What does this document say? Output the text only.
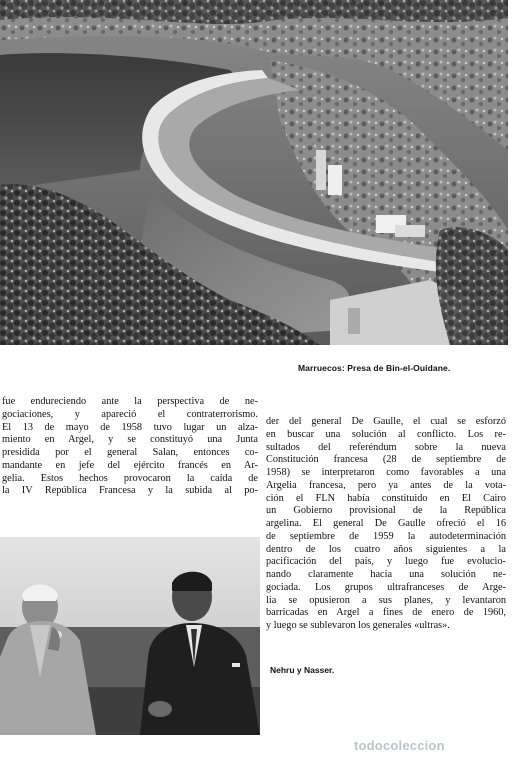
Marruecos: Presa de Bin-el-Ouidane.
fue endureciendo ante la perspectiva de ne-
gociaciones, y apareció el contraterrorismo.
El 13 de mayo de 1958 tuvo lugar un alza-
miento en Argel, y se constituyó una Junta
presidida por el general Salan, entonces co-
mandante en jefe del ejército francés en Ar-
gelia. Estos hechos provocaron la caída de
la IV República Francesa y la subida al po-
der del general De Gaulle, el cual se esforzó
en buscar una solución al conflicto. Los re-
sultados del referéndum sobre la nueva
Constitución francesa (28 de septiembre de
1958) se interpretaron como favorables a una
Argelia francesa, pero ya antes de la vota-
ción el FLN había constituido en El Cairo
un Gobierno provisional de la República
argelina. El general De Gaulle ofreció el 16
de septiembre de 1959 la autodeterminación
dentro de los cuatro años siguientes a la
pacificación del país, y luego fue evolucio-
nando claramente hacia una solución ne-
gociada. Los grupos ultrafranceses de Arge-
lia se opusieron a sus planes, y levantaron
barricadas en Argel a fines de enero de 1960,
y luego se sublevaron los generales «ultras».
Nehru y Nasser.
todocoleccion
